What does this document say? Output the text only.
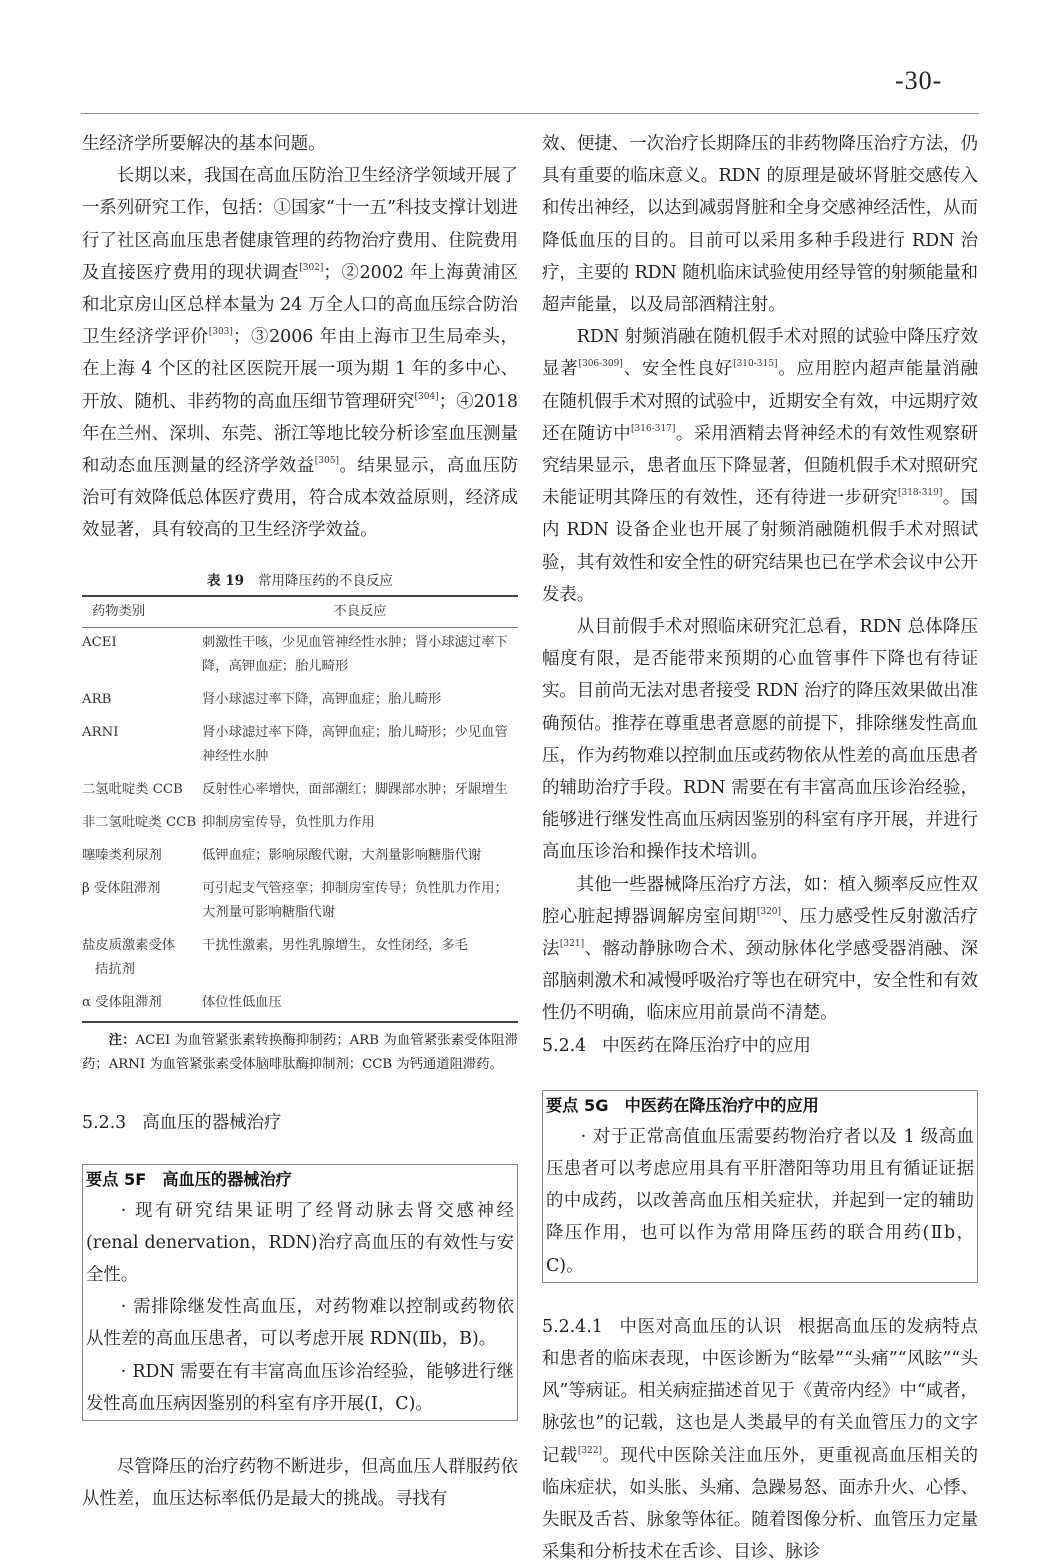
-30-

生经济学所要解决的基本问题。

长期以来，我国在高血压防治卫生经济学领域开展了一系列研究工作，包括：①国家“十一五”科技支撑计划进行了社区高血压患者健康管理的药物治疗费用、住院费用及直接医疗费用的现状调查[302]；②2002 年上海黄浦区和北京房山区总样本量为 24 万全人口的高血压综合防治卫生经济学评价[303]；③2006 年由上海市卫生局牵头，在上海 4 个区的社区医院开展一项为期 1 年的多中心、开放、随机、非药物的高血压细节管理研究[304]；④2018 年在兰州、深圳、东莞、浙江等地比较分析诊室血压测量和动态血压测量的经济学效益[305]。结果显示，高血压防治可有效降低总体医疗费用，符合成本效益原则，经济成效显著，具有较高的卫生经济学效益。

表 19 常用降压药的不良反应
药物类别	不良反应
ACEI	刺激性干咳，少见血管神经性水肿；肾小球滤过率下降，高钾血症；胎儿畸形
ARB	肾小球滤过率下降，高钾血症；胎儿畸形
ARNI	肾小球滤过率下降，高钾血症；胎儿畸形；少见血管神经性水肿
二氢吡啶类 CCB	反射性心率增快，面部潮红；脚踝部水肿；牙龈增生
非二氢吡啶类 CCB	抑制房室传导，负性肌力作用
噻嗪类利尿剂	低钾血症；影响尿酸代谢，大剂量影响糖脂代谢
β 受体阻滞剂	可引起支气管痉挛；抑制房室传导；负性肌力作用；大剂量可影响糖脂代谢
盐皮质激素受体
拮抗剂	干扰性激素，男性乳腺增生，女性闭经，多毛
α 受体阻滞剂	体位性低血压
注：ACEI 为血管紧张素转换酶抑制药；ARB 为血管紧张素受体阻滞药；ARNI 为血管紧张素受体脑啡肽酶抑制剂；CCB 为钙通道阻滞药。

5.2.3 高血压的器械治疗

要点 5F 高血压的器械治疗

· 现有研究结果证明了经肾动脉去肾交感神经(renal denervation，RDN)治疗高血压的有效性与安全性。

· 需排除继发性高血压，对药物难以控制或药物依从性差的高血压患者，可以考虑开展 RDN(Ⅱb，B)。

· RDN 需要在有丰富高血压诊治经验，能够进行继发性高血压病因鉴别的科室有序开展(Ⅰ，C)。

尽管降压的治疗药物不断进步，但高血压人群服药依从性差，血压达标率低仍是最大的挑战。寻找有

效、便捷、一次治疗长期降压的非药物降压治疗方法，仍具有重要的临床意义。RDN 的原理是破坏肾脏交感传入和传出神经，以达到减弱肾脏和全身交感神经活性，从而降低血压的目的。目前可以采用多种手段进行 RDN 治疗，主要的 RDN 随机临床试验使用经导管的射频能量和超声能量，以及局部酒精注射。

RDN 射频消融在随机假手术对照的试验中降压疗效显著[306-309]、安全性良好[310-315]。应用腔内超声能量消融在随机假手术对照的试验中，近期安全有效，中远期疗效还在随访中[316-317]。采用酒精去肾神经术的有效性观察研究结果显示，患者血压下降显著，但随机假手术对照研究未能证明其降压的有效性，还有待进一步研究[318-319]。国内 RDN 设备企业也开展了射频消融随机假手术对照试验，其有效性和安全性的研究结果也已在学术会议中公开发表。

从目前假手术对照临床研究汇总看，RDN 总体降压幅度有限，是否能带来预期的心血管事件下降也有待证实。目前尚无法对患者接受 RDN 治疗的降压效果做出准确预估。推荐在尊重患者意愿的前提下，排除继发性高血压，作为药物难以控制血压或药物依从性差的高血压患者的辅助治疗手段。RDN 需要在有丰富高血压诊治经验，能够进行继发性高血压病因鉴别的科室有序开展，并进行高血压诊治和操作技术培训。

其他一些器械降压治疗方法，如：植入频率反应性双腔心脏起搏器调解房室间期[320]、压力感受性反射激活疗法[321]、髂动静脉吻合术、颈动脉体化学感受器消融、深部脑刺激术和减慢呼吸治疗等也在研究中，安全性和有效性仍不明确，临床应用前景尚不清楚。

5.2.4 中医药在降压治疗中的应用

要点 5G 中医药在降压治疗中的应用

· 对于正常高值血压需要药物治疗者以及 1 级高血压患者可以考虑应用具有平肝潜阳等功用且有循证证据的中成药，以改善高血压相关症状，并起到一定的辅助降压作用，也可以作为常用降压药的联合用药(Ⅱb，C)。

5.2.4.1 中医对高血压的认识 根据高血压的发病特点和患者的临床表现，中医诊断为“眩晕”“头痛”“风眩”“头风”等病证。相关病症描述首见于《黄帝内经》中“咸者，脉弦也”的记载，这也是人类最早的有关血管压力的文字记载[322]。现代中医除关注血压外，更重视高血压相关的临床症状，如头胀、头痛、急躁易怒、面赤升火、心悸、失眠及舌苔、脉象等体征。随着图像分析、血管压力定量采集和分析技术在舌诊、目诊、脉诊
